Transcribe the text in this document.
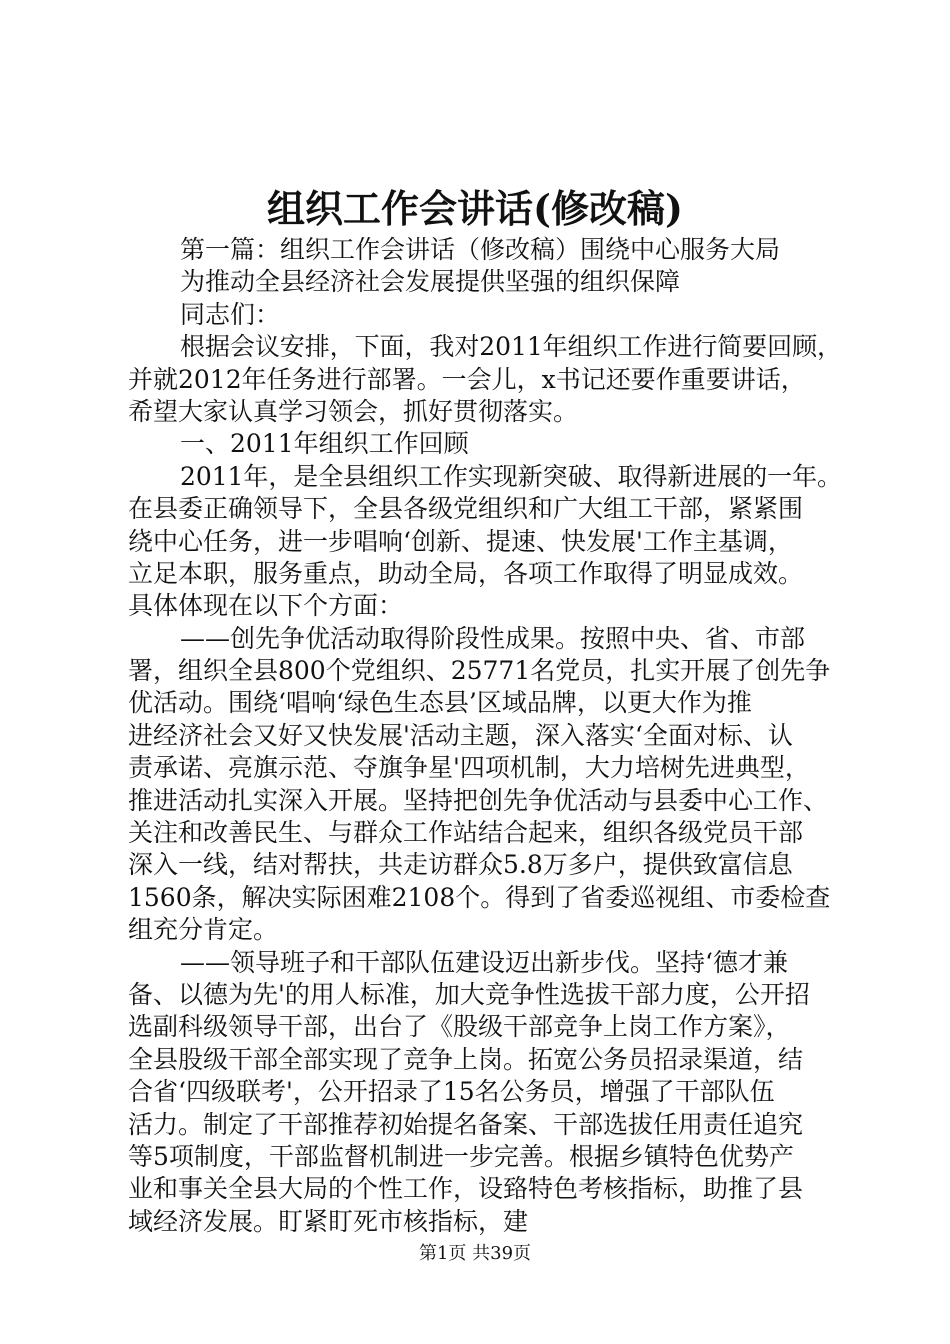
组织工作会讲话(修改稿)
第一篇：组织工作会讲话（修改稿）围绕中心服务大局
为推动全县经济社会发展提供坚强的组织保障
同志们：
根据会议安排，下面，我对2011年组织工作进行简要回顾，
并就2012年任务进行部署。一会儿，x书记还要作重要讲话，
希望大家认真学习领会，抓好贯彻落实。
一、2011年组织工作回顾
2011年，是全县组织工作实现新突破、取得新进展的一年。
在县委正确领导下，全县各级党组织和广大组工干部，紧紧围
绕中心任务，进一步唱响‘创新、提速、快发展'工作主基调，
立足本职，服务重点，助动全局，各项工作取得了明显成效。
具体体现在以下个方面：
——创先争优活动取得阶段性成果。按照中央、省、市部
署，组织全县800个党组织、25771名党员，扎实开展了创先争
优活动。围绕‘唱响‘绿色生态县’区域品牌，以更大作为推
进经济社会又好又快发展'活动主题，深入落实‘全面对标、认
责承诺、亮旗示范、夺旗争星'四项机制，大力培树先进典型，
推进活动扎实深入开展。坚持把创先争优活动与县委中心工作、
关注和改善民生、与群众工作站结合起来，组织各级党员干部
深入一线，结对帮扶，共走访群众5.8万多户，提供致富信息
1560条，解决实际困难2108个。得到了省委巡视组、市委检查
组充分肯定。
——领导班子和干部队伍建设迈出新步伐。坚持‘德才兼
备、以德为先'的用人标准，加大竞争性选拔干部力度，公开招
选副科级领导干部，出台了《股级干部竞争上岗工作方案》，
全县股级干部全部实现了竞争上岗。拓宽公务员招录渠道，结
合省‘四级联考'，公开招录了15名公务员，增强了干部队伍
活力。制定了干部推荐初始提名备案、干部选拔任用责任追究
等5项制度，干部监督机制进一步完善。根据乡镇特色优势产
业和事关全县大局的个性工作，设臵特色考核指标，助推了县
域经济发展。盯紧盯死市核指标，建
第1页 共39页
